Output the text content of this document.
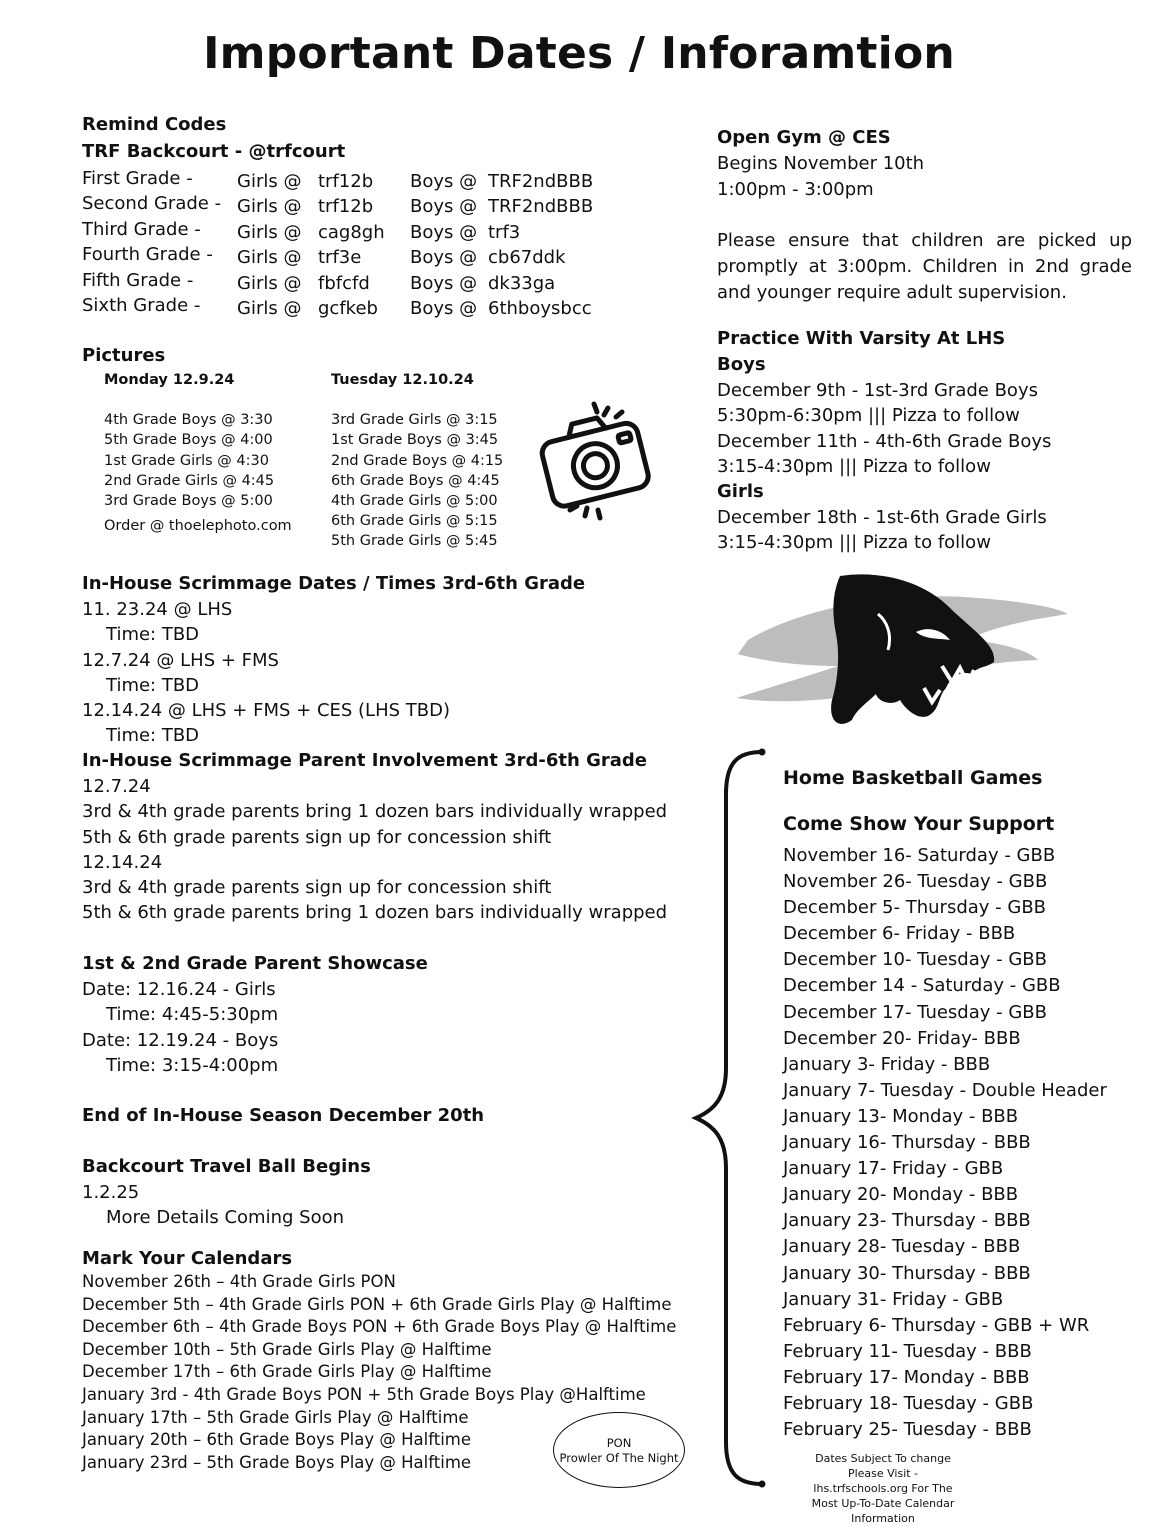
Important Dates / Inforamtion
Remind Codes
TRF Backcourt - @trfcourt
First Grade - Girls @ trf12b Boys @ TRF2ndBBB
Second Grade - Girls @ trf12b Boys @ TRF2ndBBB
Third Grade - Girls @ cag8gh Boys @ trf3
Fourth Grade - Girls @ trf3e	Boys @ cb67ddk
Fifth Grade - Girls @ fbfcfd Boys @ dk33ga
Sixth Grade - Girls @ gcfkeb Boys @ 6thboysbcc
Pictures
Monday 12.9.24
4th Grade Boys @ 3:30
5th Grade Boys @ 4:00
1st Grade Girls @ 4:30
2nd Grade Girls @ 4:45
3rd Grade Boys @ 5:00
Order @ thoelephoto.com
Tuesday 12.10.24
3rd Grade Girls @ 3:15
1st Grade Boys @ 3:45
2nd Grade Boys @ 4:15
6th Grade Boys @ 4:45
4th Grade Girls @ 5:00
6th Grade Girls @ 5:15
5th Grade Girls @ 5:45
In-House Scrimmage Dates / Times 3rd-6th Grade
11. 23.24 @ LHS
Time: TBD
12.7.24 @ LHS + FMS
Time: TBD
12.14.24 @ LHS + FMS + CES (LHS TBD)
Time: TBD
In-House Scrimmage Parent Involvement 3rd-6th Grade
12.7.24
3rd & 4th grade parents bring 1 dozen bars individually wrapped
5th & 6th grade parents sign up for concession shift
12.14.24
3rd & 4th grade parents sign up for concession shift
5th & 6th grade parents bring 1 dozen bars individually wrapped
1st & 2nd Grade Parent Showcase
Date: 12.16.24 - Girls
Time: 4:45-5:30pm
Date: 12.19.24 - Boys
Time: 3:15-4:00pm
End of In-House Season December 20th
Backcourt Travel Ball Begins
1.2.25
More Details Coming Soon
Mark Your Calendars
November 26th – 4th Grade Girls PON
December 5th – 4th Grade Girls PON + 6th Grade Girls Play @ Halftime
December 6th – 4th Grade Boys PON + 6th Grade Boys Play @ Halftime
December 10th – 5th Grade Girls Play @ Halftime
December 17th – 6th Grade Girls Play @ Halftime
January 3rd - 4th Grade Boys PON + 5th Grade Boys Play @Halftime
January 17th – 5th Grade Girls Play @ Halftime
January 20th – 6th Grade Boys Play @ Halftime
January 23rd – 5th Grade Boys Play @ Halftime
PON
Prowler Of The Night
Open Gym @ CES
Begins November 10th
1:00pm - 3:00pm
Please ensure that children are picked up promptly at 3:00pm. Children in 2nd grade and younger require adult supervision.
Practice With Varsity At LHS
Boys
December 9th - 1st-3rd Grade Boys
5:30pm-6:30pm ||| Pizza to follow
December 11th - 4th-6th Grade Boys
3:15-4:30pm ||| Pizza to follow
Girls
December 18th - 1st-6th Grade Girls
3:15-4:30pm ||| Pizza to follow
Home Basketball Games
Come Show Your Support
November 16- Saturday - GBB
November 26- Tuesday - GBB
December 5- Thursday - GBB
December 6- Friday - BBB
December 10- Tuesday - GBB
December 14 - Saturday - GBB
December 17- Tuesday - GBB
December 20- Friday- BBB
January 3- Friday - BBB
January 7- Tuesday - Double Header
January 13- Monday - BBB
January 16- Thursday - BBB
January 17- Friday - GBB
January 20- Monday - BBB
January 23- Thursday - BBB
January 28- Tuesday - BBB
January 30- Thursday - BBB
January 31- Friday - GBB
February 6- Thursday - GBB + WR
February 11- Tuesday - BBB
February 17- Monday - BBB
February 18- Tuesday - GBB
February 25- Tuesday - BBB
Dates Subject To change
Please Visit - lhs.trfschools.org For The
Most Up-To-Date Calendar Information
